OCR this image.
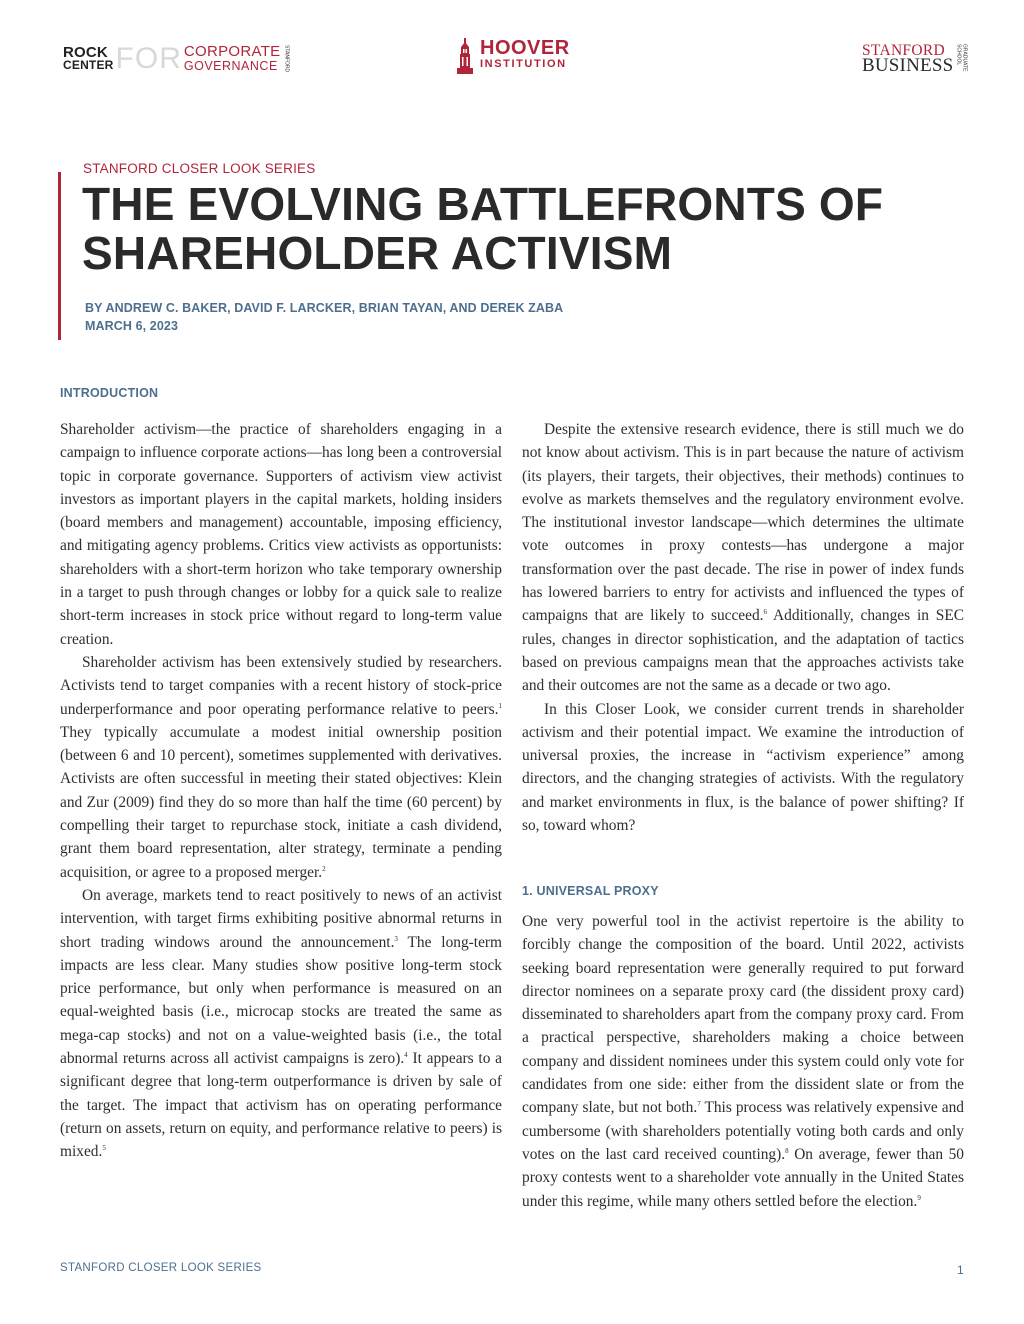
ROCK
CENTER FOR CORPORATE
GOVERNANCE	STANFORD	HOOVER
INSTITUTION
STANFORD
BUSINESS	GRADUATE SCHOOL
STANFORD CLOSER LOOK SERIES
THE EVOLVING BATTLEFRONTS OF
SHAREHOLDER ACTIVISM
BY ANDREW C. BAKER, DAVID F. LARCKER, BRIAN TAYAN, AND DEREK ZABA
MARCH 6, 2023
INTRODUCTION

Shareholder activism—the practice of shareholders engaging in a campaign to influence corporate actions—has long been a controversial topic in corporate governance. Supporters of activism view activist investors as important players in the capital markets, holding insiders (board members and management) accountable, imposing efficiency, and mitigating agency problems. Critics view activists as opportunists: shareholders with a short-term horizon who take temporary ownership in a target to push through changes or lobby for a quick sale to realize short-term increases in stock price without regard to long-term value creation.

Shareholder activism has been extensively studied by researchers. Activists tend to target companies with a recent history of stock-price underperformance and poor operating performance relative to peers.$^1$ They typically accumulate a modest initial ownership position (between 6 and 10 percent), sometimes supplemented with derivatives. Activists are often successful in meeting their stated objectives: Klein and Zur (2009) find they do so more than half the time (60 percent) by compelling their target to repurchase stock, initiate a cash dividend, grant them board representation, alter strategy, terminate a pending acquisition, or agree to a proposed merger.$^2$

On average, markets tend to react positively to news of an activist intervention, with target firms exhibiting positive abnormal returns in short trading windows around the announcement.$^3$ The long-term impacts are less clear. Many studies show positive long-term stock price performance, but only when performance is measured on an equal-weighted basis (i.e., microcap stocks are treated the same as mega-cap stocks) and not on a value-weighted basis (i.e., the total abnormal returns across all activist campaigns is zero).$^4$ It appears to a significant degree that long-term outperformance is driven by sale of the target. The impact that activism has on operating performance (return on assets, return on equity, and performance relative to peers) is mixed.$^5$

Despite the extensive research evidence, there is still much we do not know about activism. This is in part because the nature of activism (its players, their targets, their objectives, their methods) continues to evolve as markets themselves and the regulatory environment evolve. The institutional investor landscape—which determines the ultimate vote outcomes in proxy contests—has undergone a major transformation over the past decade. The rise in power of index funds has lowered barriers to entry for activists and influenced the types of campaigns that are likely to succeed.$^6$ Additionally, changes in SEC rules, changes in director sophistication, and the adaptation of tactics based on previous campaigns mean that the approaches activists take and their outcomes are not the same as a decade or two ago.

In this Closer Look, we consider current trends in shareholder activism and their potential impact. We examine the introduction of universal proxies, the increase in “activism experience” among directors, and the changing strategies of activists. With the regulatory and market environments in flux, is the balance of power shifting? If so, toward whom?

1. UNIVERSAL PROXY

One very powerful tool in the activist repertoire is the ability to forcibly change the composition of the board. Until 2022, activists seeking board representation were generally required to put forward director nominees on a separate proxy card (the dissident proxy card) disseminated to shareholders apart from the company proxy card. From a practical perspective, shareholders making a choice between company and dissident nominees under this system could only vote for candidates from one side: either from the dissident slate or from the company slate, but not both.$^7$ This process was relatively expensive and cumbersome (with shareholders potentially voting both cards and only votes on the last card received counting).$^8$ On average, fewer than 50 proxy contests went to a shareholder vote annually in the United States under this regime, while many others settled before the election.$^9$

STANFORD CLOSER LOOK SERIES	1
